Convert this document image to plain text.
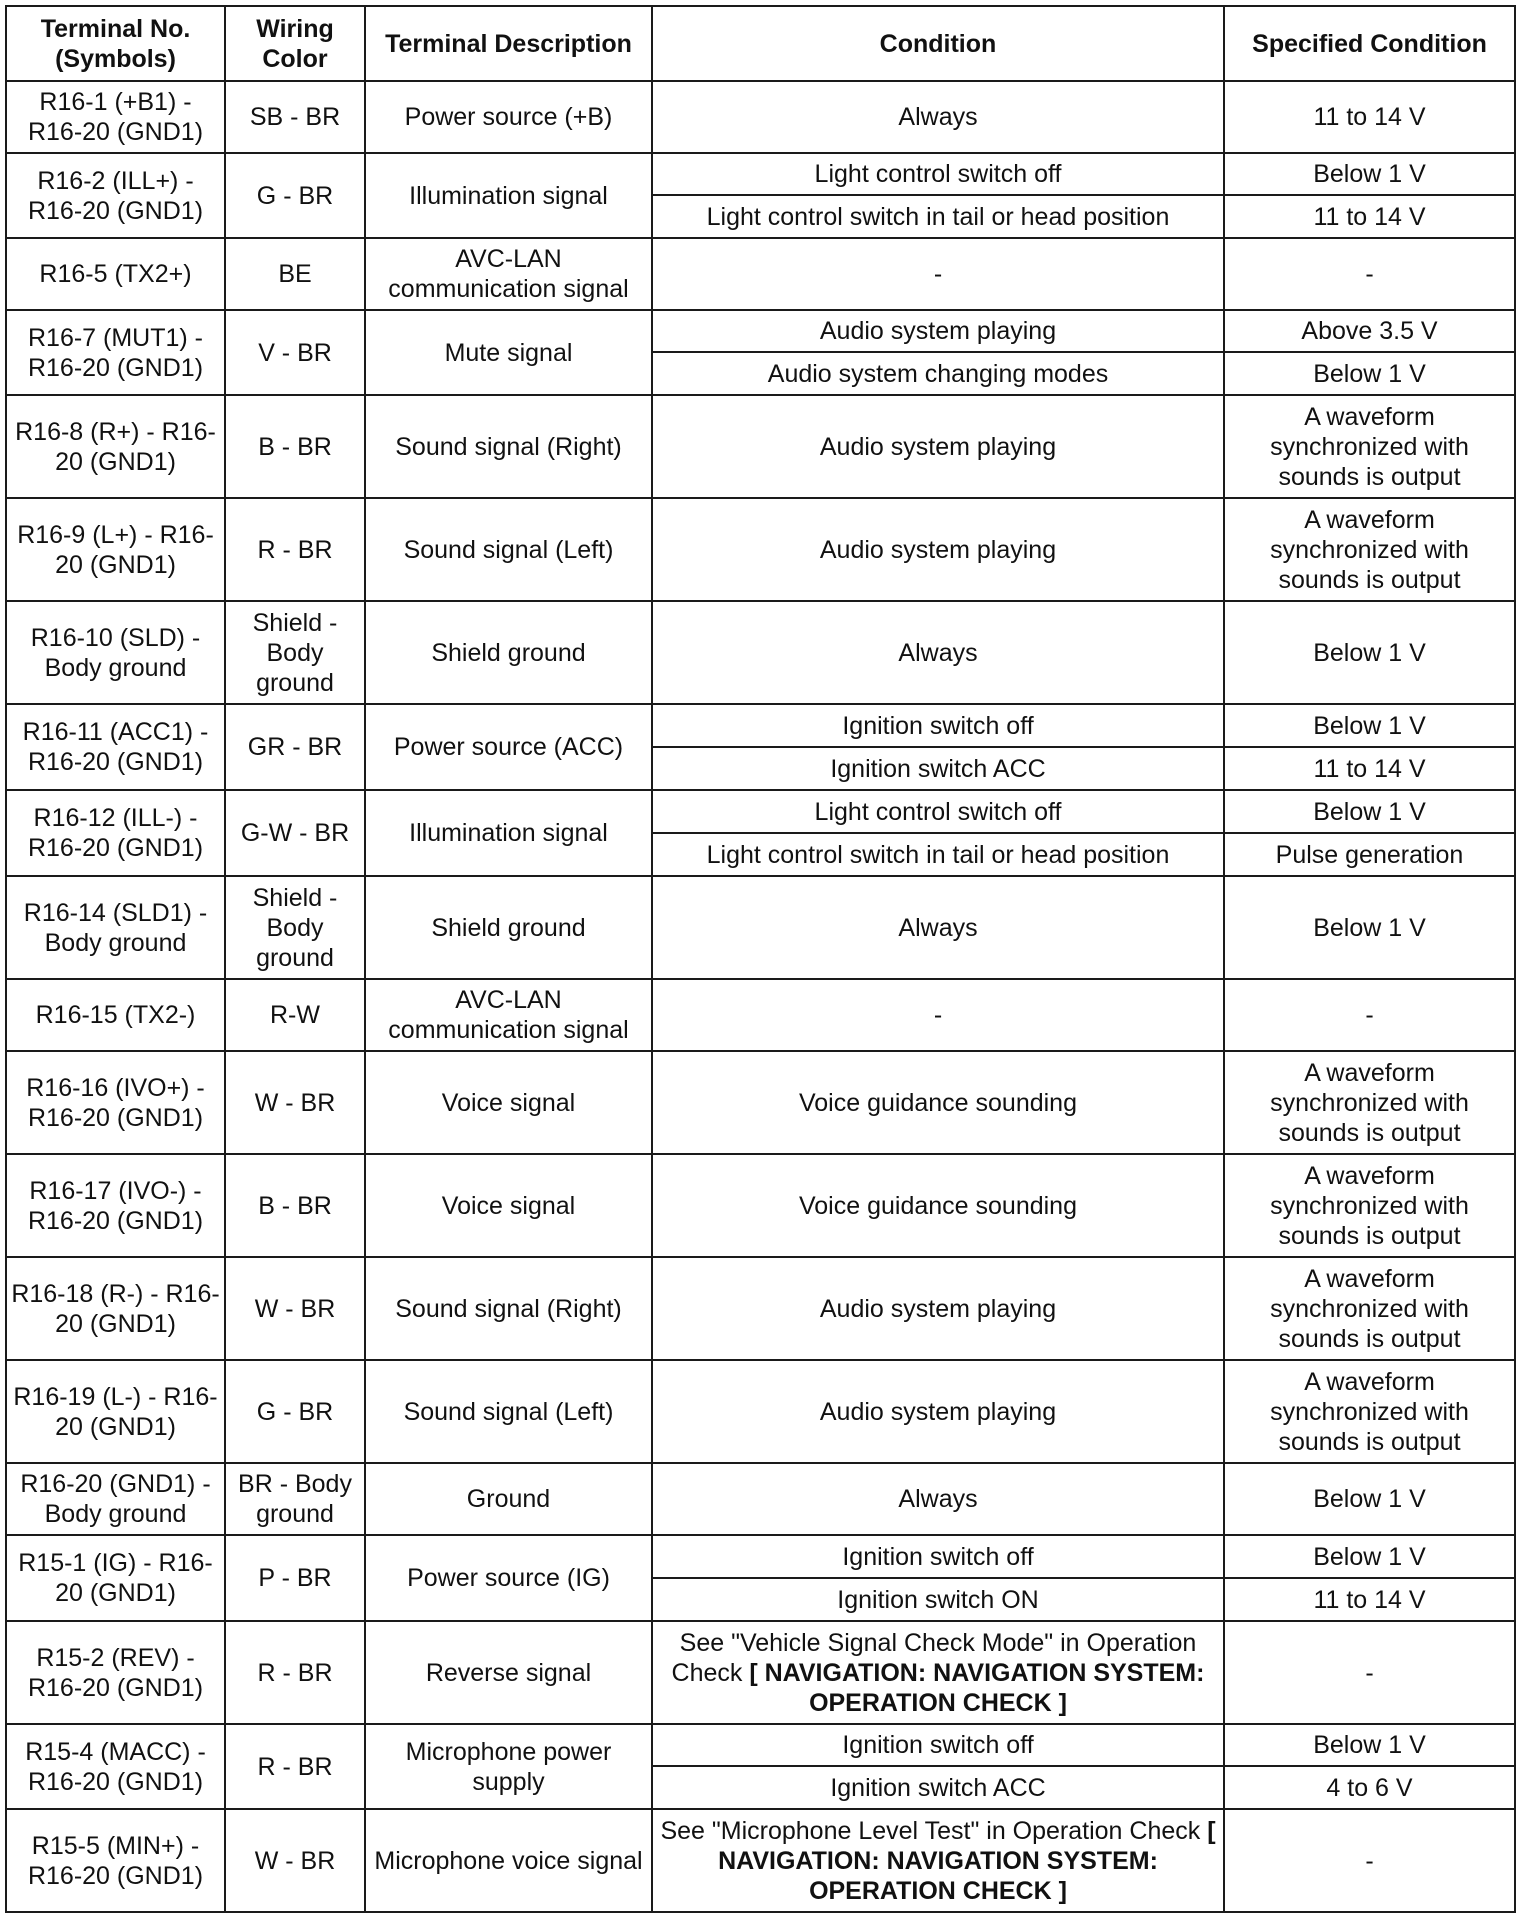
Terminal No. (Symbols)	Wiring Color	Terminal Description	Condition	Specified Condition
R16-1 (+B1) - R16-20 (GND1)	SB - BR	Power source (+B)	Always	11 to 14 V
R16-2 (ILL+) - R16-20 (GND1)	G - BR	Illumination signal	Light control switch off	Below 1 V
			Light control switch in tail or head position	11 to 14 V
R16-5 (TX2+)	BE	AVC-LAN communication signal	-	-
R16-7 (MUT1) - R16-20 (GND1)	V - BR	Mute signal	Audio system playing	Above 3.5 V
			Audio system changing modes	Below 1 V
R16-8 (R+) - R16-20 (GND1)	B - BR	Sound signal (Right)	Audio system playing	A waveform synchronized with sounds is output
R16-9 (L+) - R16-20 (GND1)	R - BR	Sound signal (Left)	Audio system playing	A waveform synchronized with sounds is output
R16-10 (SLD) - Body ground	Shield - Body ground	Shield ground	Always	Below 1 V
R16-11 (ACC1) - R16-20 (GND1)	GR - BR	Power source (ACC)	Ignition switch off	Below 1 V
			Ignition switch ACC	11 to 14 V
R16-12 (ILL-) - R16-20 (GND1)	G-W - BR	Illumination signal	Light control switch off	Below 1 V
			Light control switch in tail or head position	Pulse generation
R16-14 (SLD1) - Body ground	Shield - Body ground	Shield ground	Always	Below 1 V
R16-15 (TX2-)	R-W	AVC-LAN communication signal	-	-
R16-16 (IVO+) - R16-20 (GND1)	W - BR	Voice signal	Voice guidance sounding	A waveform synchronized with sounds is output
R16-17 (IVO-) - R16-20 (GND1)	B - BR	Voice signal	Voice guidance sounding	A waveform synchronized with sounds is output
R16-18 (R-) - R16-20 (GND1)	W - BR	Sound signal (Right)	Audio system playing	A waveform synchronized with sounds is output
R16-19 (L-) - R16-20 (GND1)	G - BR	Sound signal (Left)	Audio system playing	A waveform synchronized with sounds is output
R16-20 (GND1) - Body ground	BR - Body ground	Ground	Always	Below 1 V
R15-1 (IG) - R16-20 (GND1)	P - BR	Power source (IG)	Ignition switch off	Below 1 V
			Ignition switch ON	11 to 14 V
R15-2 (REV) - R16-20 (GND1)	R - BR	Reverse signal	See "Vehicle Signal Check Mode" in Operation Check [ NAVIGATION: NAVIGATION SYSTEM: OPERATION CHECK ]	-
R15-4 (MACC) - R16-20 (GND1)	R - BR	Microphone power supply	Ignition switch off	Below 1 V
			Ignition switch ACC	4 to 6 V
R15-5 (MIN+) - R16-20 (GND1)	W - BR	Microphone voice signal	See "Microphone Level Test" in Operation Check [ NAVIGATION: NAVIGATION SYSTEM: OPERATION CHECK ]	-
